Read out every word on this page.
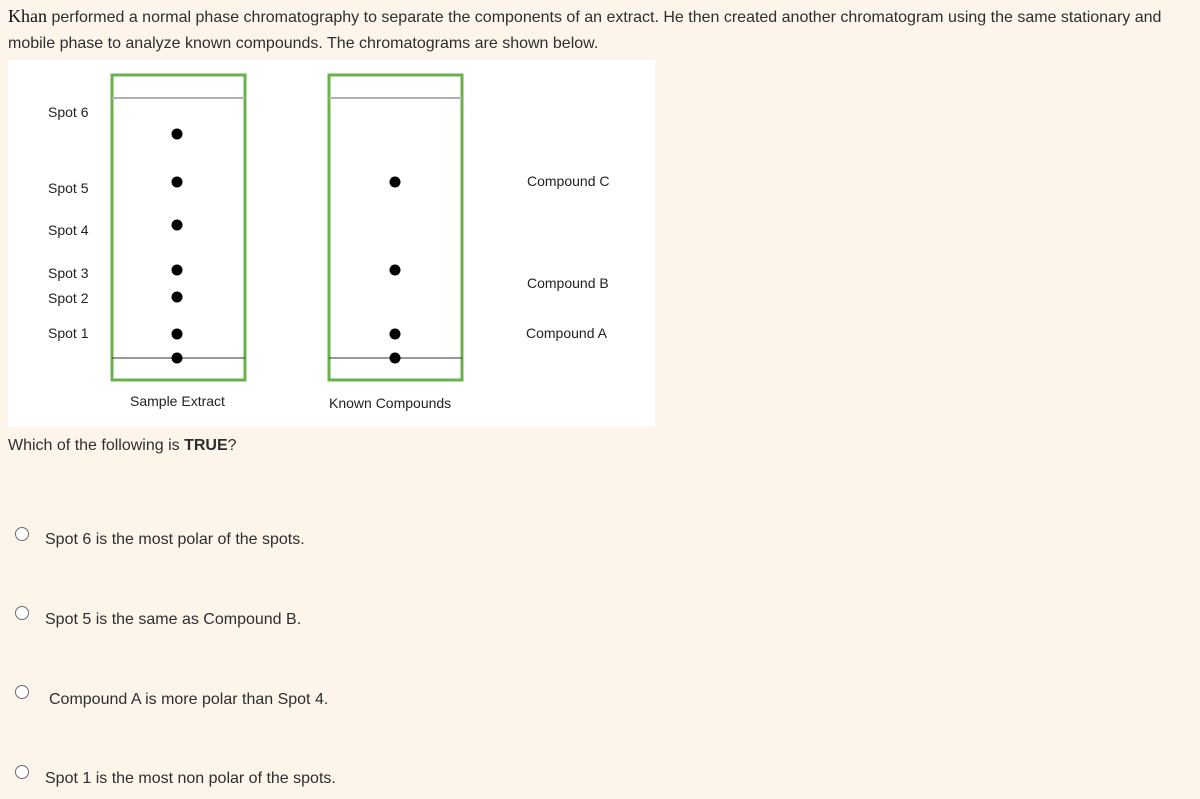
Khan performed a normal phase chromatography to separate the components of an extract. He then created another chromatogram using the same stationary and mobile phase to analyze known compounds. The chromatograms are shown below.
Spot 6
Spot 5
Spot 4
Spot 3
Spot 2
Spot 1
Compound C
Compound B
Compound A
Sample Extract	Known Compounds
Which of the following is TRUE?
Spot 6 is the most polar of the spots.
Spot 5 is the same as Compound B.
Compound A is more polar than Spot 4.
Spot 1 is the most non polar of the spots.
